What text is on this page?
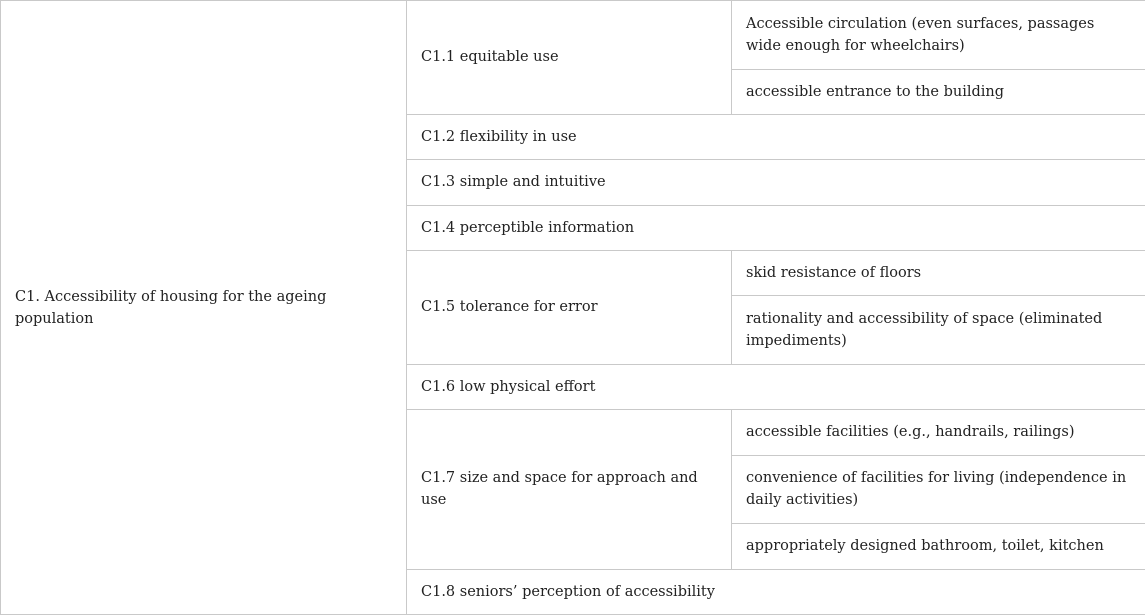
C1. Accessibility of housing for the ageing population	C1.1 equitable use	Accessible circulation (even surfaces, passages wide enough for wheelchairs)
		accessible entrance to the building
	C1.2 flexibility in use	
	C1.3 simple and intuitive	
	C1.4 perceptible information	
	C1.5 tolerance for error	skid resistance of floors
		rationality and accessibility of space (eliminated impediments)
	C1.6 low physical effort	
	C1.7 size and space for approach and use	accessible facilities (e.g., handrails, railings)
		convenience of facilities for living (independence in daily activities)
		appropriately designed bathroom, toilet, kitchen
	C1.8 seniors’ perception of accessibility	
